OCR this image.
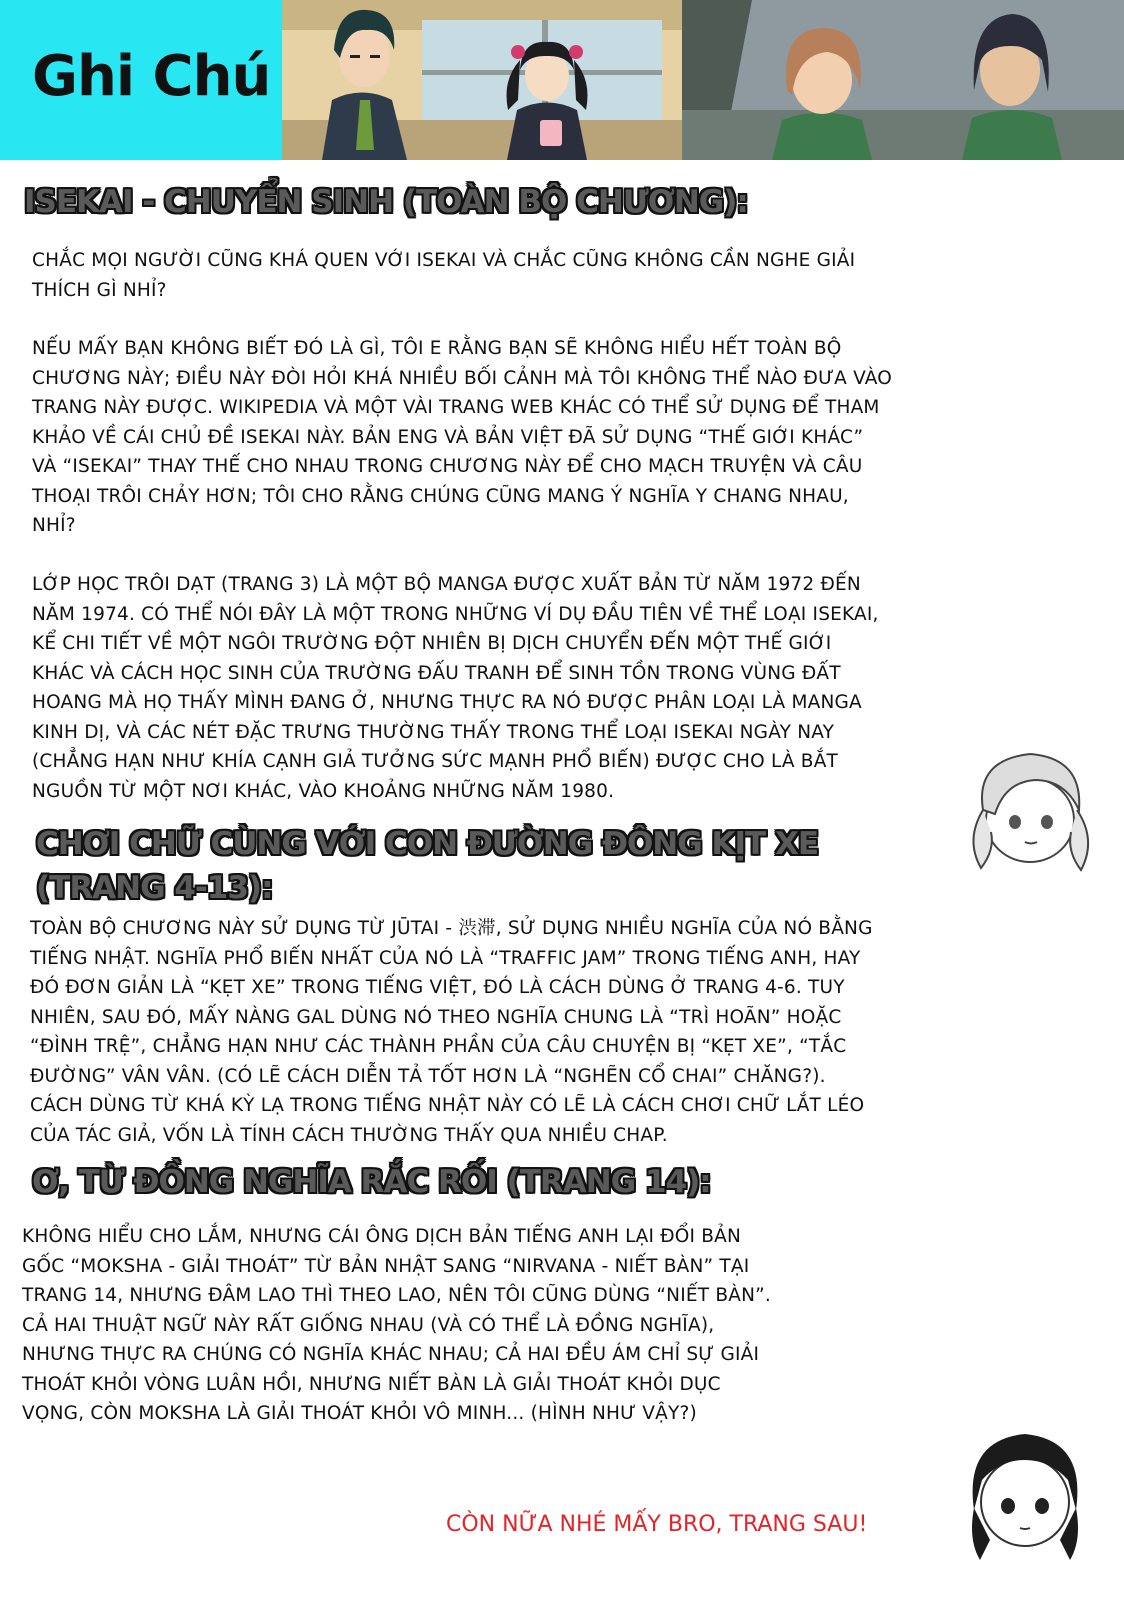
Ghi Chú
ISEKAI - CHUYỂN SINH (TOÀN BỘ CHƯƠNG):
CHẮC MỌI NGƯỜI CŨNG KHÁ QUEN VỚI ISEKAI VÀ CHẮC CŨNG KHÔNG CẦN NGHE GIẢI
THÍCH GÌ NHỈ?
NẾU MẤY BẠN KHÔNG BIẾT ĐÓ LÀ GÌ, TÔI E RẰNG BẠN SẼ KHÔNG HIỂU HẾT TOÀN BỘ
CHƯƠNG NÀY; ĐIỀU NÀY ĐÒI HỎI KHÁ NHIỀU BỐI CẢNH MÀ TÔI KHÔNG THỂ NÀO ĐƯA VÀO
TRANG NÀY ĐƯỢC. WIKIPEDIA VÀ MỘT VÀI TRANG WEB KHÁC CÓ THỂ SỬ DỤNG ĐỂ THAM
KHẢO VỀ CÁI CHỦ ĐỀ ISEKAI NÀY. BẢN ENG VÀ BẢN VIỆT ĐÃ SỬ DỤNG “THẾ GIỚI KHÁC”
VÀ “ISEKAI” THAY THẾ CHO NHAU TRONG CHƯƠNG NÀY ĐỂ CHO MẠCH TRUYỆN VÀ CÂU
THOẠI TRÔI CHẢY HƠN; TÔI CHO RẰNG CHÚNG CŨNG MANG Ý NGHĨA Y CHANG NHAU,
NHỈ?
LỚP HỌC TRÔI DẠT (TRANG 3) LÀ MỘT BỘ MANGA ĐƯỢC XUẤT BẢN TỪ NĂM 1972 ĐẾN
NĂM 1974. CÓ THỂ NÓI ĐÂY LÀ MỘT TRONG NHỮNG VÍ DỤ ĐẦU TIÊN VỀ THỂ LOẠI ISEKAI,
KỂ CHI TIẾT VỀ MỘT NGÔI TRƯỜNG ĐỘT NHIÊN BỊ DỊCH CHUYỂN ĐẾN MỘT THẾ GIỚI
KHÁC VÀ CÁCH HỌC SINH CỦA TRƯỜNG ĐẤU TRANH ĐỂ SINH TỒN TRONG VÙNG ĐẤT
HOANG MÀ HỌ THẤY MÌNH ĐANG Ở, NHƯNG THỰC RA NÓ ĐƯỢC PHÂN LOẠI LÀ MANGA
KINH DỊ, VÀ CÁC NÉT ĐẶC TRƯNG THƯỜNG THẤY TRONG THỂ LOẠI ISEKAI NGÀY NAY
(CHẲNG HẠN NHƯ KHÍA CẠNH GIẢ TƯỞNG SỨC MẠNH PHỔ BIẾN) ĐƯỢC CHO LÀ BẮT
NGUỒN TỪ MỘT NƠI KHÁC, VÀO KHOẢNG NHỮNG NĂM 1980.
CHƠI CHỮ CÙNG VỚI CON ĐƯỜNG ĐÔNG KỊT XE
(TRANG 4-13):
TOÀN BỘ CHƯƠNG NÀY SỬ DỤNG TỪ JŪTAI - 渋滞, SỬ DỤNG NHIỀU NGHĨA CỦA NÓ BẰNG
TIẾNG NHẬT. NGHĨA PHỔ BIẾN NHẤT CỦA NÓ LÀ “TRAFFIC JAM” TRONG TIẾNG ANH, HAY
ĐÓ ĐƠN GIẢN LÀ “KẸT XE” TRONG TIẾNG VIỆT, ĐÓ LÀ CÁCH DÙNG Ở TRANG 4-6. TUY
NHIÊN, SAU ĐÓ, MẤY NÀNG GAL DÙNG NÓ THEO NGHĨA CHUNG LÀ “TRÌ HOÃN” HOẶC
“ĐÌNH TRỆ”, CHẲNG HẠN NHƯ CÁC THÀNH PHẦN CỦA CÂU CHUYỆN BỊ “KẸT XE”, “TẮC
ĐƯỜNG” VÂN VÂN. (CÓ LẼ CÁCH DIỄN TẢ TỐT HƠN LÀ “NGHẼN CỔ CHAI” CHĂNG?).
CÁCH DÙNG TỪ KHÁ KỲ LẠ TRONG TIẾNG NHẬT NÀY CÓ LẼ LÀ CÁCH CHƠI CHỮ LẮT LÉO
CỦA TÁC GIẢ, VỐN LÀ TÍNH CÁCH THƯỜNG THẤY QUA NHIỀU CHAP.
Ơ, TỪ ĐỒNG NGHĨA RẮC RỐI (TRANG 14):
KHÔNG HIỂU CHO LẮM, NHƯNG CÁI ÔNG DỊCH BẢN TIẾNG ANH LẠI ĐỔI BẢN
GỐC “MOKSHA - GIẢI THOÁT” TỪ BẢN NHẬT SANG “NIRVANA - NIẾT BÀN” TẠI
TRANG 14, NHƯNG ĐÂM LAO THÌ THEO LAO, NÊN TÔI CŨNG DÙNG “NIẾT BÀN”.
CẢ HAI THUẬT NGỮ NÀY RẤT GIỐNG NHAU (VÀ CÓ THỂ LÀ ĐỒNG NGHĨA),
NHƯNG THỰC RA CHÚNG CÓ NGHĨA KHÁC NHAU; CẢ HAI ĐỀU ÁM CHỈ SỰ GIẢI
THOÁT KHỎI VÒNG LUÂN HỒI, NHƯNG NIẾT BÀN LÀ GIẢI THOÁT KHỎI DỤC
VỌNG, CÒN MOKSHA LÀ GIẢI THOÁT KHỎI VÔ MINH... (HÌNH NHƯ VẬY?)
CÒN NỮA NHÉ MẤY BRO, TRANG SAU!
